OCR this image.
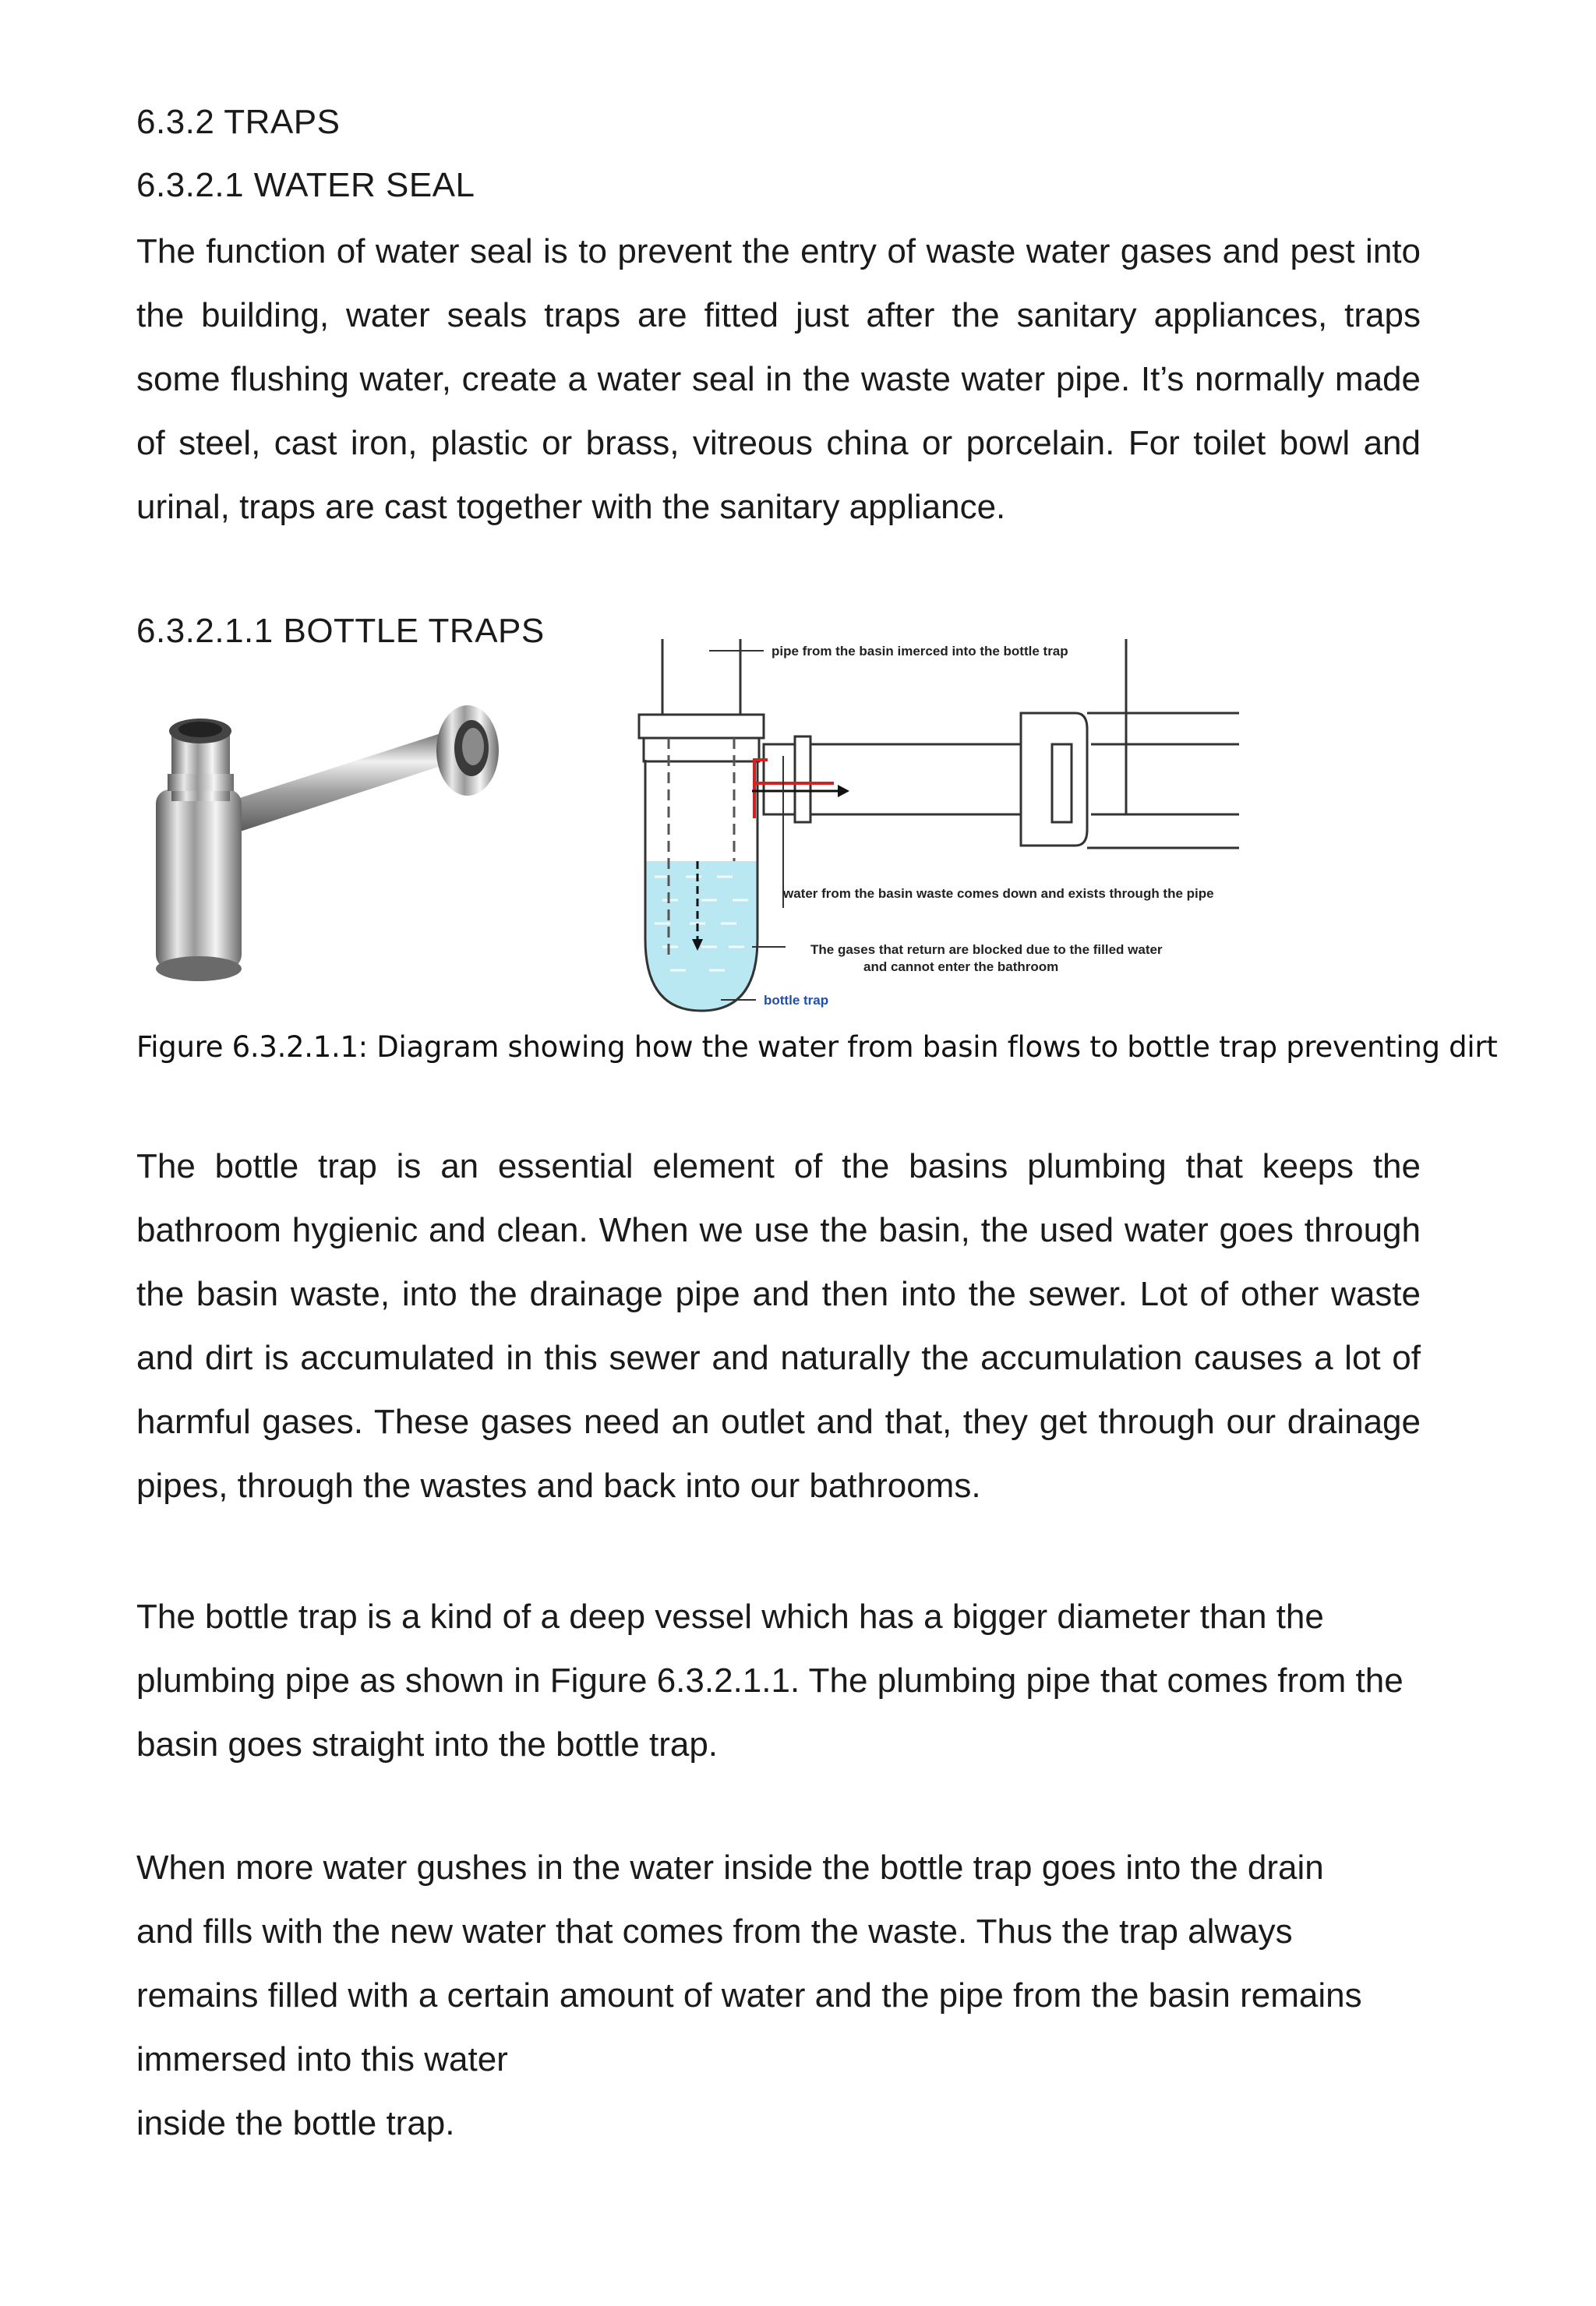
6.3.2 TRAPS
6.3.2.1 WATER SEAL

The function of water seal is to prevent the entry of waste water gases and pest into the building, water seals traps are fitted just after the sanitary appliances, traps some flushing water, create a water seal in the waste water pipe. It’s normally made of steel, cast iron, plastic or brass, vitreous china or porcelain. For toilet bowl and urinal, traps are cast together with the sanitary appliance.

6.3.2.1.1 BOTTLE TRAPS
Figure 6.3.2.1.1: Diagram showing how the water from basin flows to bottle trap preventing dirt

The bottle trap is an essential element of the basins plumbing that keeps the bathroom hygienic and clean. When we use the basin, the used water goes through the basin waste, into the drainage pipe and then into the sewer. Lot of other waste and dirt is accumulated in this sewer and naturally the accumulation causes a lot of harmful gases. These gases need an outlet and that, they get through our drainage pipes, through the wastes and back into our bathrooms.

The bottle trap is a kind of a deep vessel which has a bigger diameter than the plumbing pipe as shown in Figure 6.3.2.1.1. The plumbing pipe that comes from the basin goes straight into the bottle trap.

When more water gushes in the water inside the bottle trap goes into the drain
and fills with the new water that comes from the waste. Thus the trap always
remains filled with a certain amount of water and the pipe from the basin remains
immersed into this water
inside the bottle trap.
pipe from the basin imerced into the bottle trap
water from the basin waste comes down and exists through the pipe
The gases that return are blocked due to the filled water
and cannot enter the bathroom
bottle trap
